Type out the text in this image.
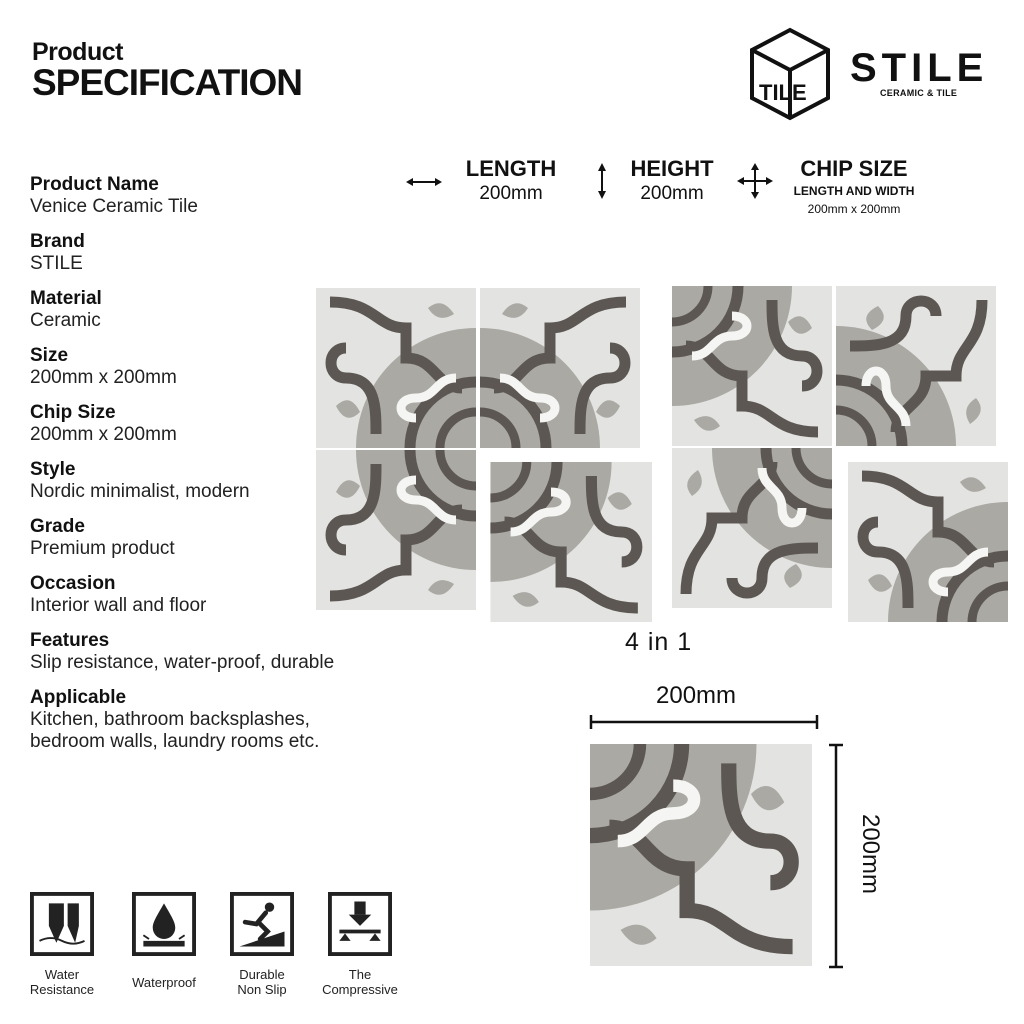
Product
SPECIFICATION	TILE
STILE
CERAMIC & TILE
Product Name
Venice Ceramic Tile
Brand
STILE
Material
Ceramic
Size
200mm x 200mm
Chip Size
200mm x 200mm
Style
Nordic minimalist, modern
Grade
Premium product
Occasion
Interior wall and floor
Features
Slip resistance, water-proof, durable
Applicable
Kitchen, bathroom backsplashes,
bedroom walls, laundry rooms etc.
LENGTH
200mm
HEIGHT
200mm
CHIP SIZE
LENGTH AND WIDTH
200mm x 200mm
4 in 1
200mm
200mm
Water
Resistance	Waterproof
Durable
Non Slip
The
Compressive
